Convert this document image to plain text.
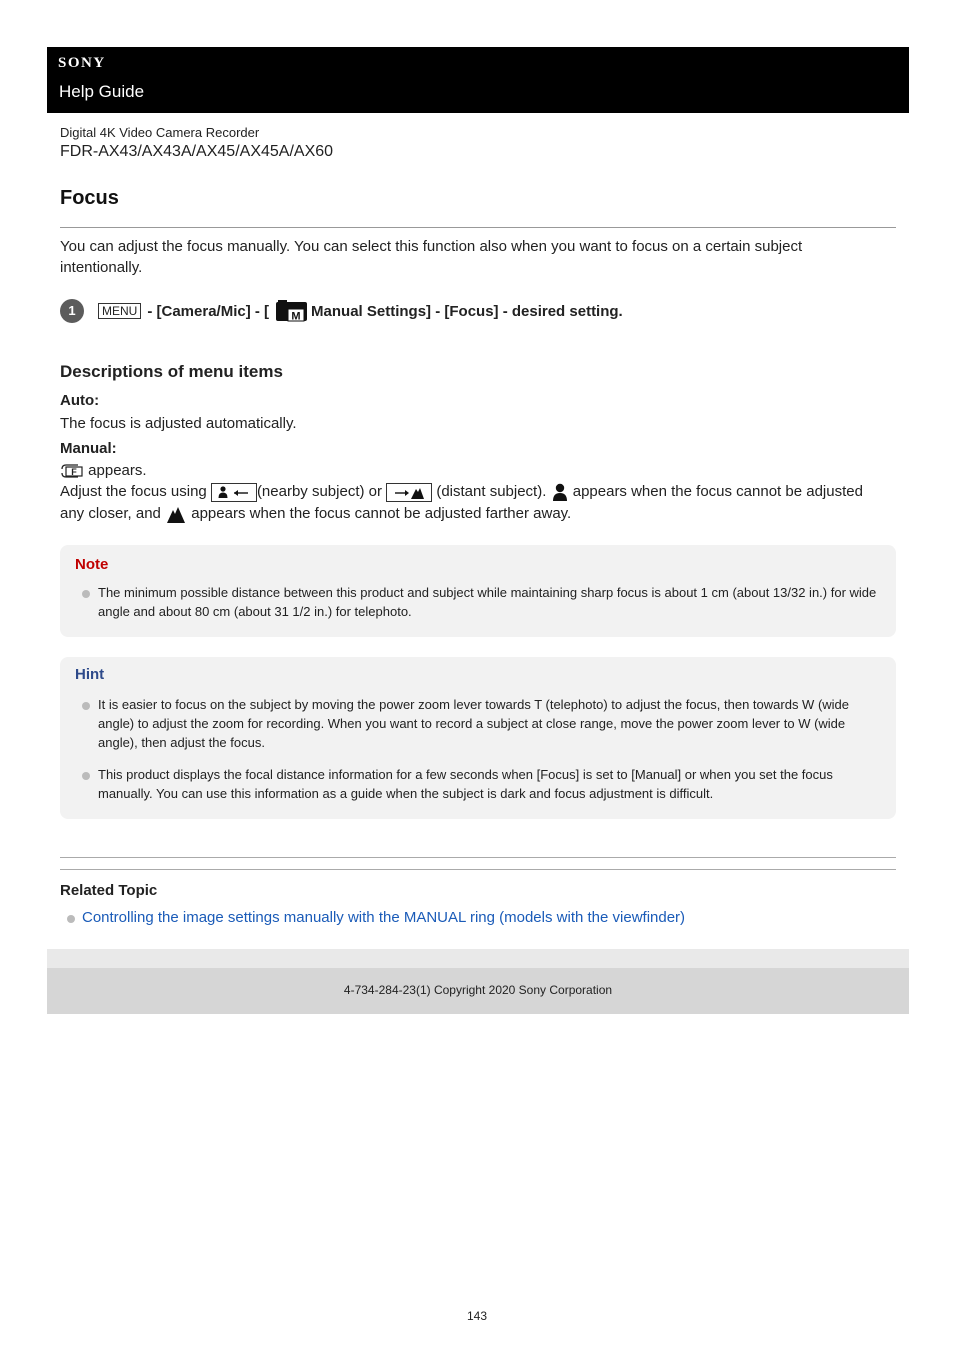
SONY
Help Guide
Digital 4K Video Camera Recorder
FDR-AX43/AX43A/AX45/AX45A/AX60
Focus
You can adjust the focus manually. You can select this function also when you want to focus on a certain subject intentionally.
1	MENU - [Camera/Mic] - [ M Manual Settings] - [Focus] - desired setting.
Descriptions of menu items
Auto:
The focus is adjusted automatically.
Manual:
F appears.
Adjust the focus using	(nearby subject) or	(distant subject).  appears when the focus cannot be adjusted any closer, and  appears when the focus cannot be adjusted farther away.
Note
The minimum possible distance between this product and subject while maintaining sharp focus is about 1 cm (about 13/32 in.) for wide angle and about 80 cm (about 31 1/2 in.) for telephoto.
Hint
It is easier to focus on the subject by moving the power zoom lever towards T (telephoto) to adjust the focus, then towards W (wide angle) to adjust the zoom for recording. When you want to record a subject at close range, move the power zoom lever to W (wide angle), then adjust the focus.
This product displays the focal distance information for a few seconds when [Focus] is set to [Manual] or when you set the focus manually. You can use this information as a guide when the subject is dark and focus adjustment is difficult.
Related Topic
Controlling the image settings manually with the MANUAL ring (models with the viewfinder)
4-734-284-23(1) Copyright 2020 Sony Corporation
143
